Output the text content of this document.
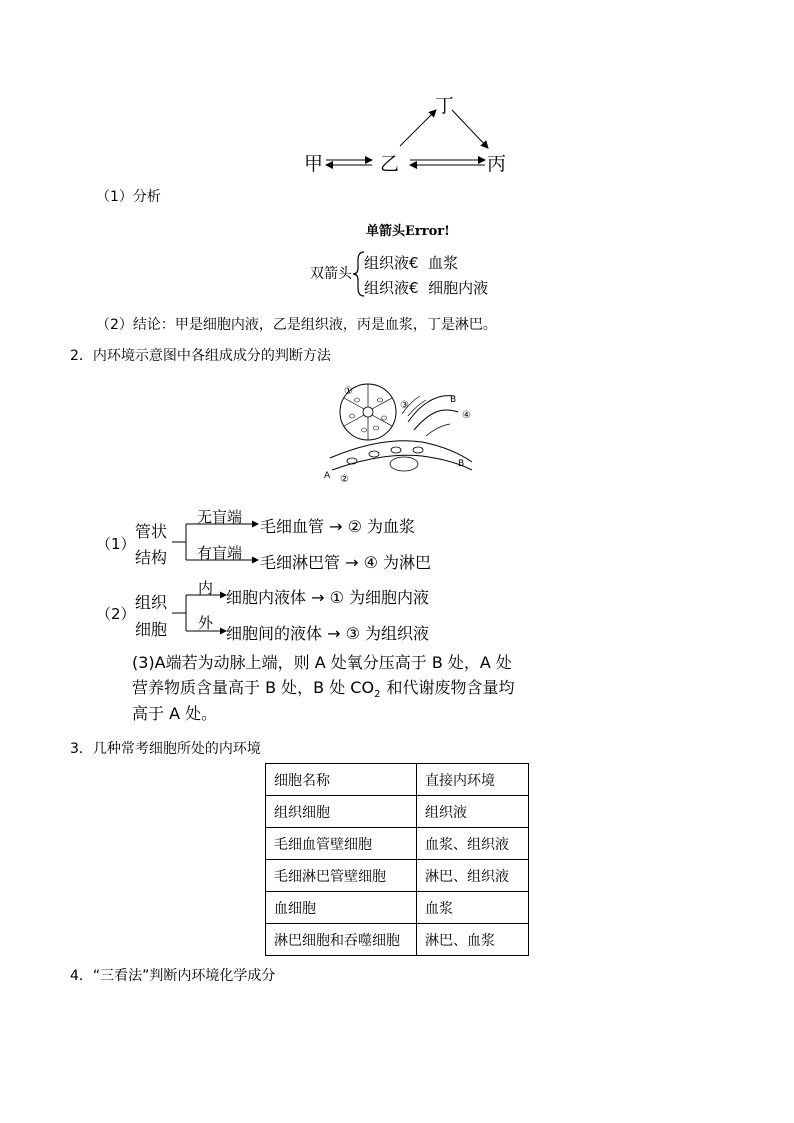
丁
甲	乙	丙
（1）分析
单箭头Error!
双箭头
组织液€  血浆
组织液€  细胞内液
（2）结论：甲是细胞内液，乙是组织液，丙是血浆，丁是淋巴。
2．内环境示意图中各组成成分的判断方法
①
③	B
④
B
A ②
（1）
管状
结构
无盲端
有盲端
毛细血管 → ② 为血浆
毛细淋巴管 → ④ 为淋巴
（2）
组织
细胞
内
外
细胞内液体 → ① 为细胞内液
细胞间的液体 → ③ 为组织液
(3)A端若为动脉上端，则 A 处氧分压高于 B 处，A 处
营养物质含量高于 B 处，B 处 $CO_2$ 和代谢废物含量均
高于 A 处。
3．几种常考细胞所处的内环境
细胞名称	直接内环境
组织细胞	组织液
毛细血管壁细胞	血浆、组织液
毛细淋巴管壁细胞	淋巴、组织液
血细胞	血浆
淋巴细胞和吞噬细胞	淋巴、血浆
4．“三看法”判断内环境化学成分
